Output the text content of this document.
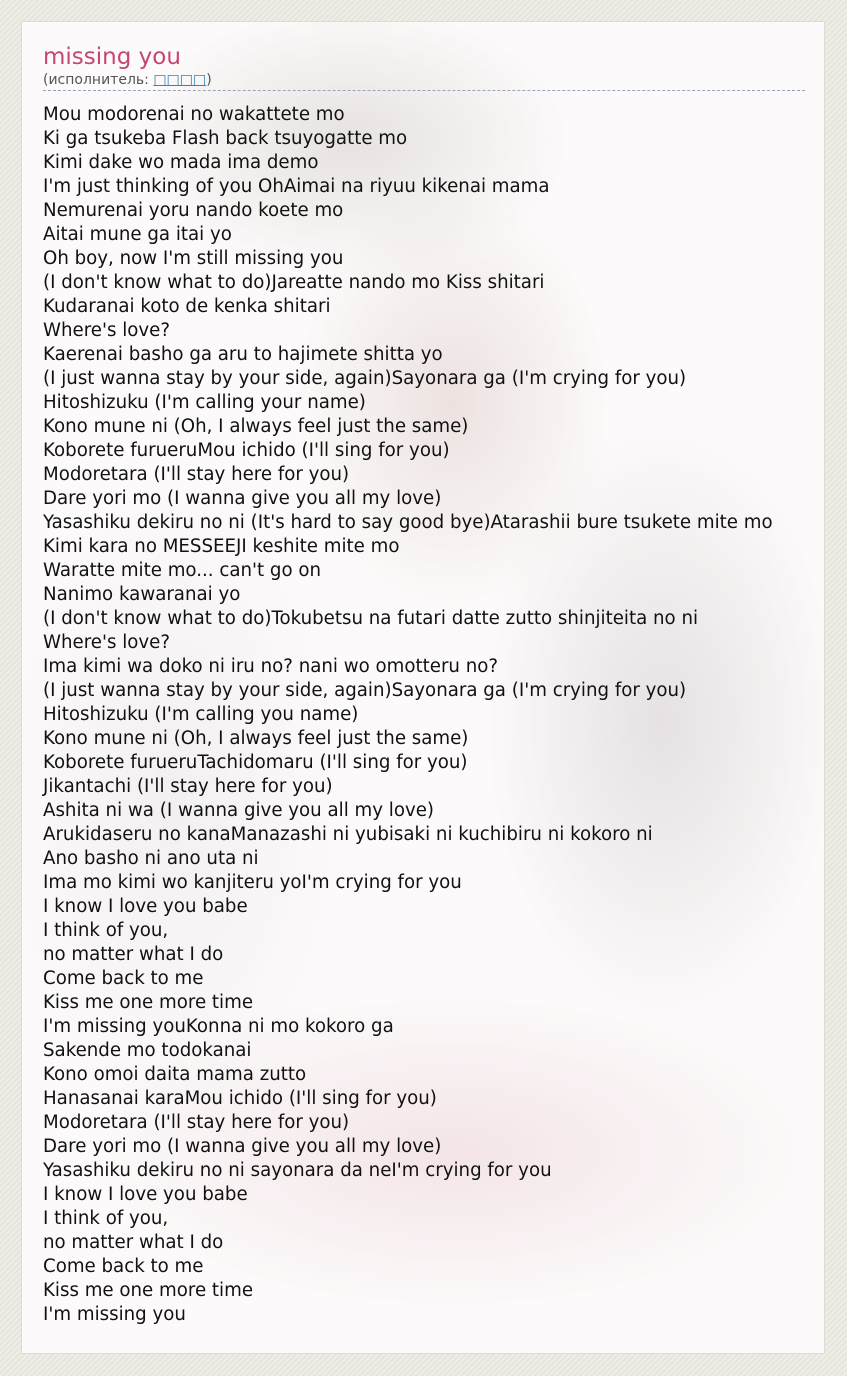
missing you
(исполнитель: □□□□)
Mou modorenai no wakattete mo
Ki ga tsukeba Flash back tsuyogatte mo
Kimi dake wo mada ima demo
I'm just thinking of you OhAimai na riyuu kikenai mama
Nemurenai yoru nando koete mo
Aitai mune ga itai yo
Oh boy, now I'm still missing you
(I don't know what to do)Jareatte nando mo Kiss shitari
Kudaranai koto de kenka shitari
Where's love?
Kaerenai basho ga aru to hajimete shitta yo
(I just wanna stay by your side, again)Sayonara ga (I'm crying for you)
Hitoshizuku (I'm calling your name)
Kono mune ni (Oh, I always feel just the same)
Koborete furueruMou ichido (I'll sing for you)
Modoretara (I'll stay here for you)
Dare yori mo (I wanna give you all my love)
Yasashiku dekiru no ni (It's hard to say good bye)Atarashii bure tsukete mite mo
Kimi kara no MESSEEJI keshite mite mo
Waratte mite mo... can't go on
Nanimo kawaranai yo
(I don't know what to do)Tokubetsu na futari datte zutto shinjiteita no ni
Where's love?
Ima kimi wa doko ni iru no? nani wo omotteru no?
(I just wanna stay by your side, again)Sayonara ga (I'm crying for you)
Hitoshizuku (I'm calling you name)
Kono mune ni (Oh, I always feel just the same)
Koborete furueruTachidomaru (I'll sing for you)
Jikantachi (I'll stay here for you)
Ashita ni wa (I wanna give you all my love)
Arukidaseru no kanaManazashi ni yubisaki ni kuchibiru ni kokoro ni
Ano basho ni ano uta ni
Ima mo kimi wo kanjiteru yoI'm crying for you
I know I love you babe
I think of you,
no matter what I do
Come back to me
Kiss me one more time
I'm missing youKonna ni mo kokoro ga
Sakende mo todokanai
Kono omoi daita mama zutto
Hanasanai karaMou ichido (I'll sing for you)
Modoretara (I'll stay here for you)
Dare yori mo (I wanna give you all my love)
Yasashiku dekiru no ni sayonara da neI'm crying for you
I know I love you babe
I think of you,
no matter what I do
Come back to me
Kiss me one more time
I'm missing you
